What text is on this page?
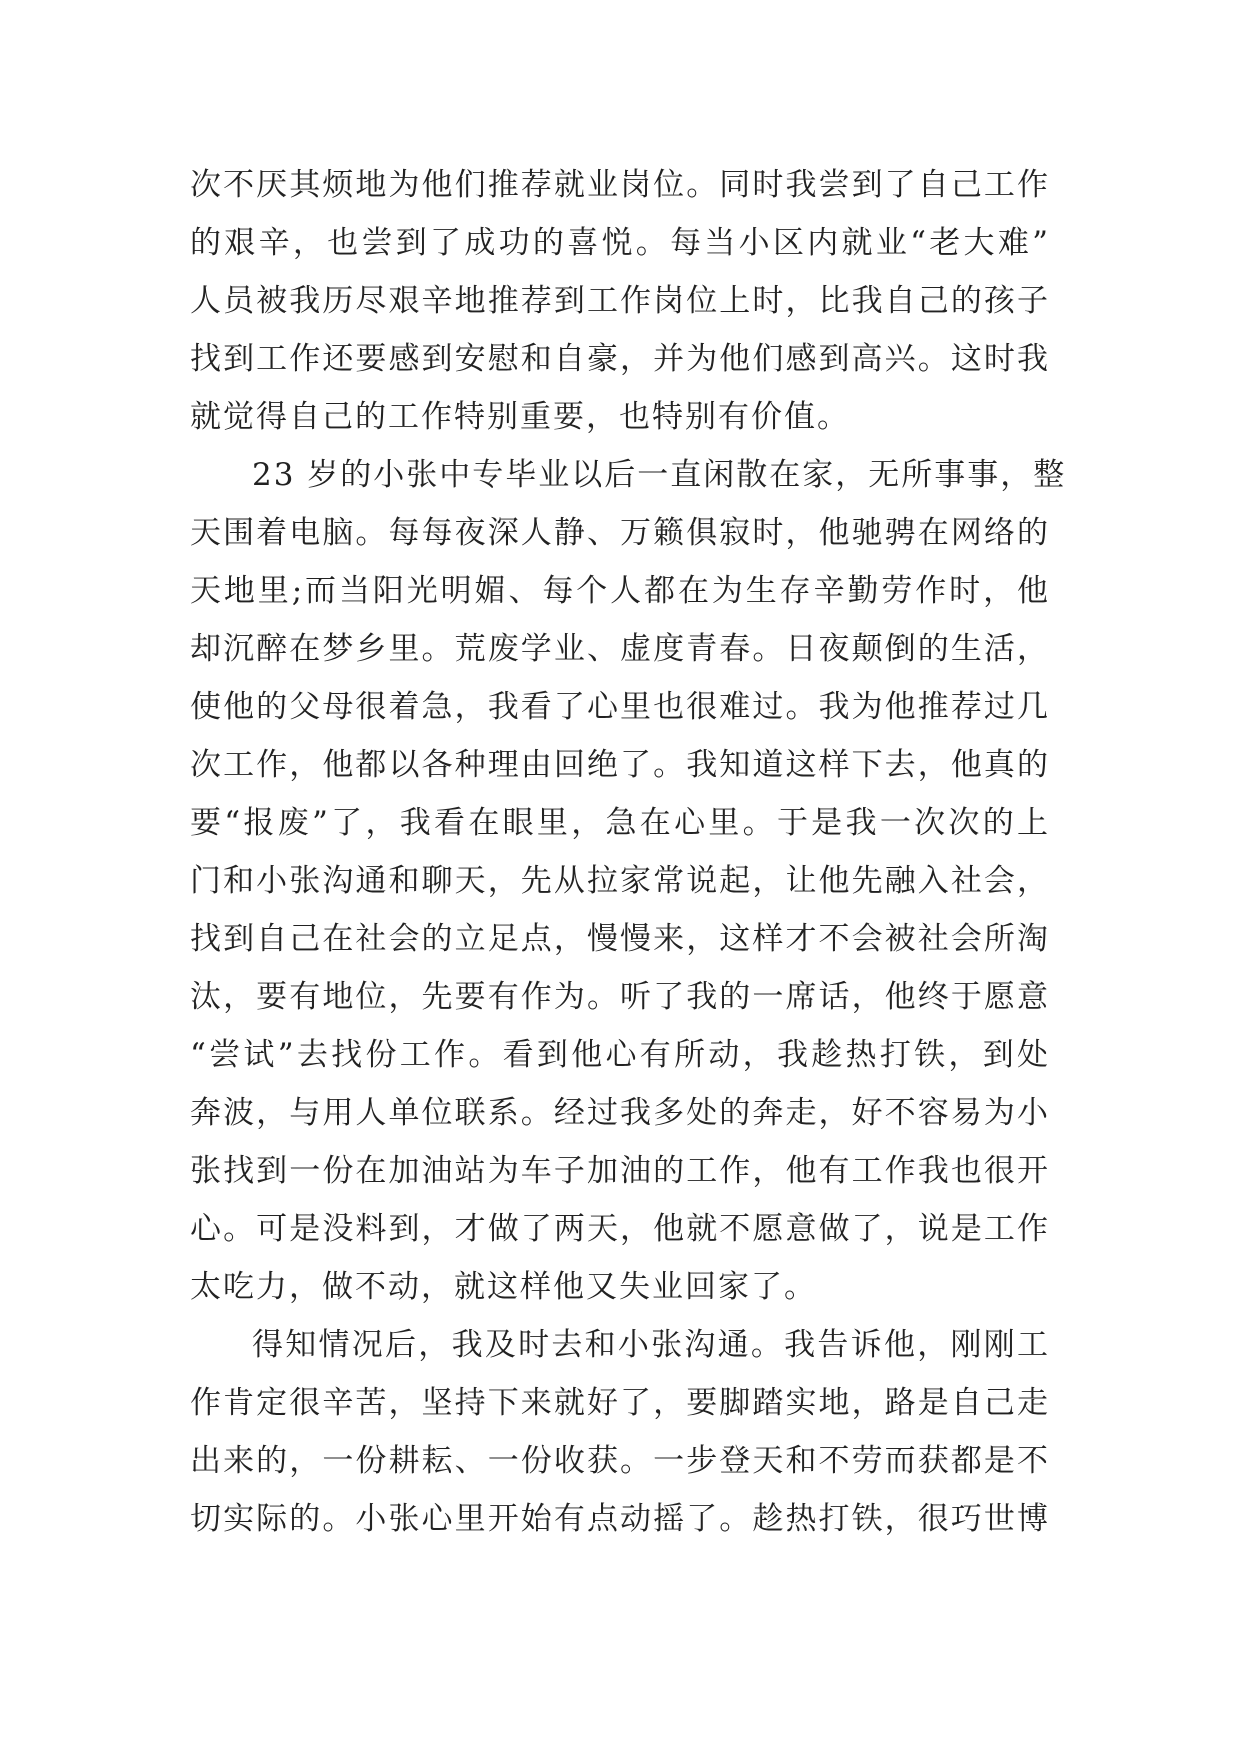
次不厌其烦地为他们推荐就业岗位。同时我尝到了自己工作
的艰辛，也尝到了成功的喜悦。每当小区内就业“老大难”
人员被我历尽艰辛地推荐到工作岗位上时，比我自己的孩子
找到工作还要感到安慰和自豪，并为他们感到高兴。这时我
就觉得自己的工作特别重要，也特别有价值。
23 岁的小张中专毕业以后一直闲散在家，无所事事，整
天围着电脑。每每夜深人静、万籁俱寂时，他驰骋在网络的
天地里;而当阳光明媚、每个人都在为生存辛勤劳作时，他
却沉醉在梦乡里。荒废学业、虚度青春。日夜颠倒的生活，
使他的父母很着急，我看了心里也很难过。我为他推荐过几
次工作，他都以各种理由回绝了。我知道这样下去，他真的
要“报废”了，我看在眼里，急在心里。于是我一次次的上
门和小张沟通和聊天，先从拉家常说起，让他先融入社会，
找到自己在社会的立足点，慢慢来，这样才不会被社会所淘
汰，要有地位，先要有作为。听了我的一席话，他终于愿意
“尝试”去找份工作。看到他心有所动，我趁热打铁，到处
奔波，与用人单位联系。经过我多处的奔走，好不容易为小
张找到一份在加油站为车子加油的工作，他有工作我也很开
心。可是没料到，才做了两天，他就不愿意做了，说是工作
太吃力，做不动，就这样他又失业回家了。
得知情况后，我及时去和小张沟通。我告诉他，刚刚工
作肯定很辛苦，坚持下来就好了，要脚踏实地，路是自己走
出来的，一份耕耘、一份收获。一步登天和不劳而获都是不
切实际的。小张心里开始有点动摇了。趁热打铁，很巧世博
